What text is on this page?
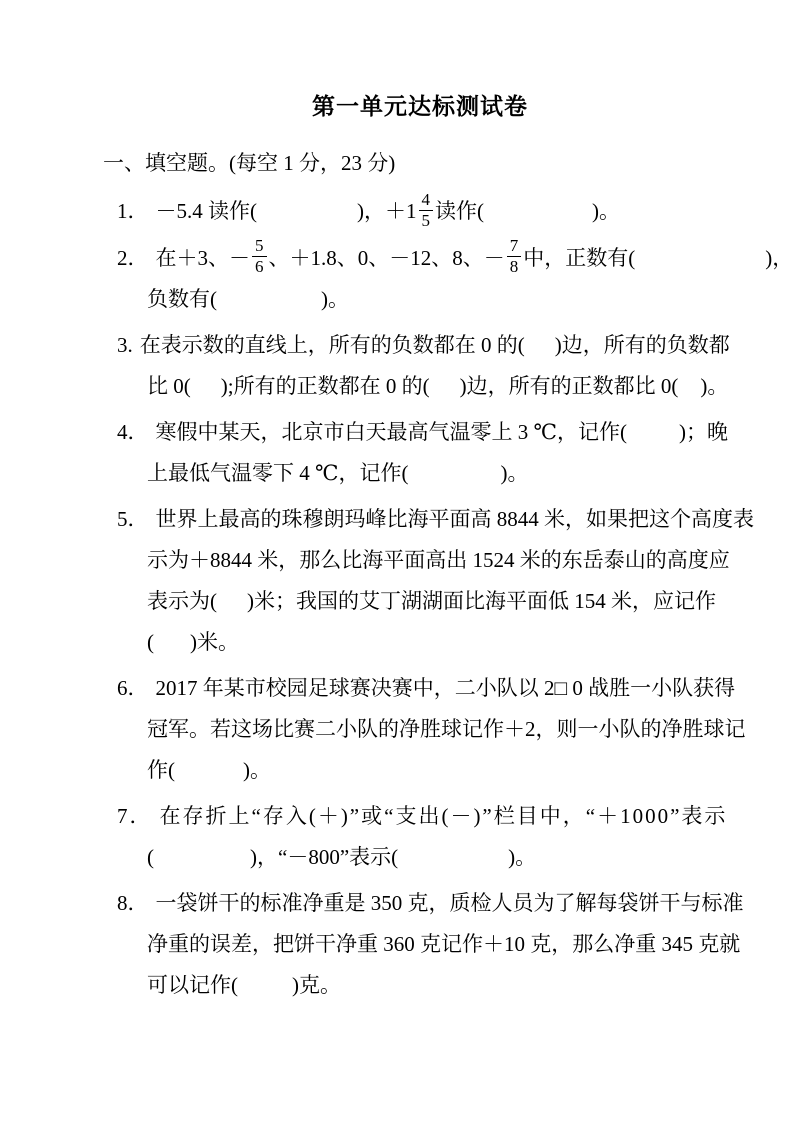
第一单元达标测试卷
一、填空题。(每空 1 分，23 分)
1． －5.4 读作(	)，$+1 \frac{4}{5}$ 读作(	)。
2． 在＋3、－ $\frac{5}{6}$ 、＋1.8、0、－12、8、－ $\frac{7}{8}$ 中，正数有(	)，
负数有(	)。
3. 在表示数的直线上，所有的负数都在 0 的( )边，所有的负数都
比 0( );所有的正数都在 0 的( )边，所有的正数都比 0( )。
4． 寒假中某天，北京市白天最高气温零上 3 ℃，记作( )；晚
上最低气温零下 4 ℃，记作(	)。
5． 世界上最高的珠穆朗玛峰比海平面高 8844 米，如果把这个高度表
示为＋8844 米，那么比海平面高出 1524 米的东岳泰山的高度应
表示为( )米；我国的艾丁湖湖面比海平面低 154 米，应记作
( )米。
6． 2017 年某市校园足球赛决赛中，二小队以 2□ 0 战胜一小队获得
冠军。若这场比赛二小队的净胜球记作＋2，则一小队的净胜球记
作(	)。
7． 在存折上“存入(＋)”或“支出(－)”栏目中，“＋1000”表示
(	)，“－800”表示(	)。
8． 一袋饼干的标准净重是 350 克，质检人员为了解每袋饼干与标准
净重的误差，把饼干净重 360 克记作＋10 克，那么净重 345 克就
可以记作(	)克。
